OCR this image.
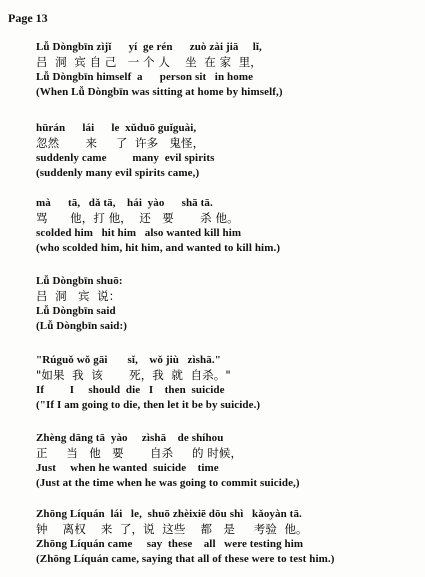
Page 13
Lǚ Dòngbīn zìjǐ      yí  ge rén      zuò zài jiā     lǐ,
吕  洞  宾 自 己   一 个 人    坐  在 家  里，
Lǚ Dòngbīn himself  a      person sit   in home
(When Lǚ Dòngbīn was sitting at home by himself,)
hūrán      lái      le  xǔduō guǐguài,
忽然       来     了  许多   鬼怪，
suddenly came         many  evil spirits
(suddenly many evil spirits came,)
mà      tā,   dǎ tā,    hái  yào      shā tā.
骂      他，打 他，  还   要       杀 他。
scolded him   hit him   also wanted kill him
(who scolded him, hit him, and wanted to kill him.)
Lǚ Dòngbīn shuō:
吕  洞   宾  说：
Lǚ Dòngbīn said
(Lǚ Dòngbīn said:)
"Rúguǒ wǒ gāi       sǐ,    wǒ jiù   zìshā."
"如果  我  该       死，我  就  自杀。"
If         I     should  die   I    then  suicide
("If I am going to die, then let it be by suicide.)
Zhèng dāng tā  yào     zìshā    de shíhou
正     当   他   要       自杀     的 时候，
Just     when he wanted  suicide    time
(Just at the time when he was going to commit suicide,)
Zhōng Líquán  lái   le,  shuō zhèixiē dōu shì   kǎoyàn tā.
钟    离权    来  了，说  这些    都   是     考验  他。
Zhōng Líquán came     say  these    all   were testing him
(Zhōng Líquán came, saying that all of these were to test him.)
